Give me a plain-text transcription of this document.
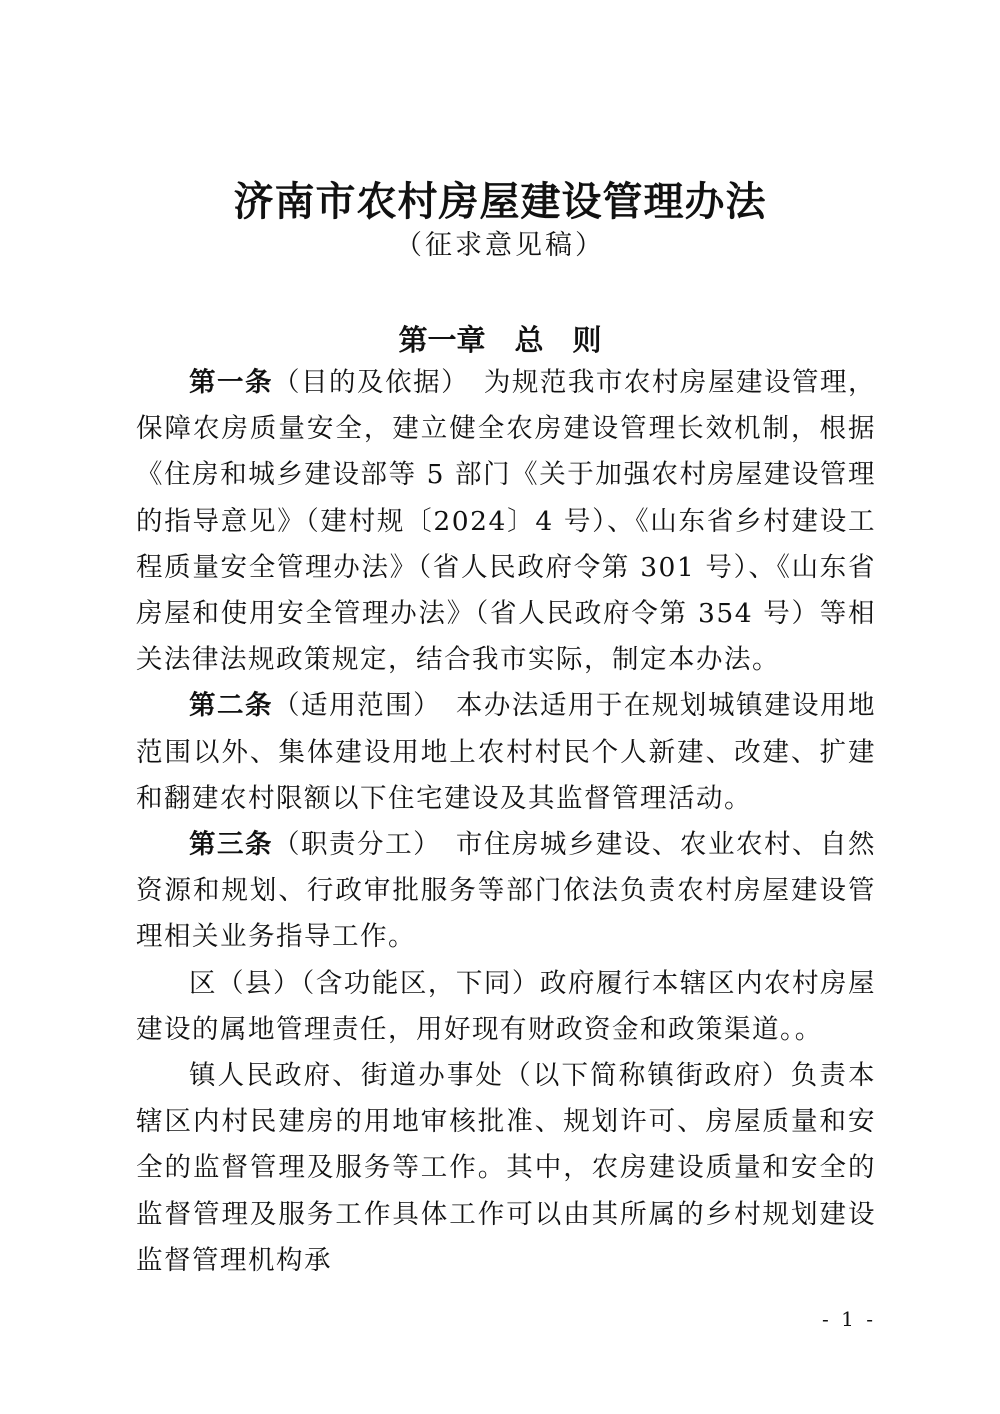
济南市农村房屋建设管理办法
（征求意见稿）
第一章　总　则

第一条（目的及依据）　为规范我市农村房屋建设管理，保障农房质量安全，建立健全农房建设管理长效机制，根据《住房和城乡建设部等 5 部门《关于加强农村房屋建设管理的指导意见》（建村规〔2024〕4 号）、《山东省乡村建设工程质量安全管理办法》（省人民政府令第 301 号）、《山东省房屋和使用安全管理办法》（省人民政府令第 354 号）等相关法律法规政策规定，结合我市实际，制定本办法。

第二条（适用范围）　本办法适用于在规划城镇建设用地范围以外、集体建设用地上农村村民个人新建、改建、扩建和翻建农村限额以下住宅建设及其监督管理活动。

第三条（职责分工）　市住房城乡建设、农业农村、自然资源和规划、行政审批服务等部门依法负责农村房屋建设管理相关业务指导工作。

区（县）（含功能区，下同）政府履行本辖区内农村房屋建设的属地管理责任，用好现有财政资金和政策渠道。。

镇人民政府、街道办事处（以下简称镇街政府）负责本辖区内村民建房的用地审核批准、规划许可、房屋质量和安全的监督管理及服务等工作。其中，农房建设质量和安全的监督管理及服务工作具体工作可以由其所属的乡村规划建设监督管理机构承

- 1 -
